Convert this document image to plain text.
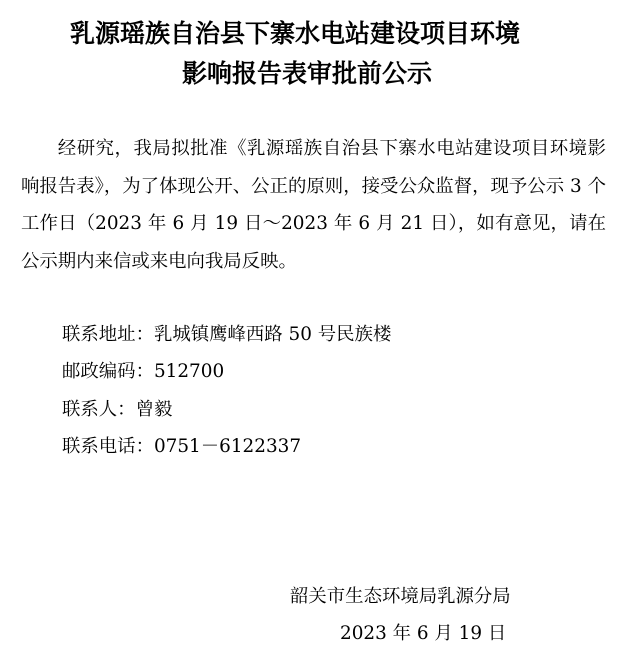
乳源瑶族自治县下寨水电站建设项目环境
影响报告表审批前公示

经研究，我局拟批准《乳源瑶族自治县下寨水电站建设项目环境影响报告表》，为了体现公开、公正的原则，接受公众监督，现予公示 3 个工作日（2023 年 6 月 19 日～2023 年 6 月 21 日），如有意见，请在公示期内来信或来电向我局反映。

联系地址：乳城镇鹰峰西路 50 号民族楼
邮政编码：512700
联系人：曾毅
联系电话：0751－6122337
韶关市生态环境局乳源分局
2023 年 6 月 19 日
